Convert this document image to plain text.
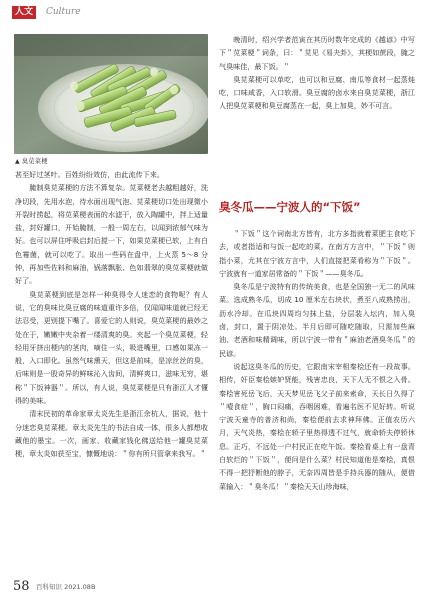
人文	Culture
▲ 臭苋菜梗

甚至好过茎叶。百姓纷纷效仿，由此流传下来。

腌制臭苋菜梗的方法不算复杂。苋菜梗老去越粗越好，洗净切段，先用水泡，待水面出现气泡、苋菜梗切口处出现微小开裂时捞起，将苋菜梗表面的水滤干，放入陶罐中，拌上适量盐，封好罐口，开始腌制，一般一周左右，以闻到浓郁气味为好。也可以屏住呼吸启封后搅一下，如果苋菜梗已软，上有白色霉菌，就可以吃了。取出一些码在盘中，上火蒸 5～8 分钟，再加些佐料和麻油，锅落飘胀、色如翡翠的臭苋菜梗就做好了。

臭苋菜梗到底是怎样一种臭得令人迷恋的食物呢？有人说，它的臭味比臭豆腐的味道重许多倍，仅闻闻味道就已经无法忍受，更别提下嘴了。喜爱它的人则说，臭苋菜梗的最妙之处在于，嫩嫩中夹杂着一缕清爽的臭。夹起一个臭苋菜梗，轻轻用牙挤出梗内的茎肉，嘀住一头，吸进嘴里，口感如果冻一般，入口即化。虽然气味熏天，但这是前味，是凉丝丝的臭，后味则是一股奇异的鲜味沁入齿间，清鲜爽口，滋味无穷，堪称＂下饭神器＂。所以，有人说，臭苋菜梗是只有浙江人才懂得的美味。

清末民初的革命家章太炎先生是浙江余杭人，据说，他十分迷恋臭苋菜梗。章太炎先生的书法自成一体，很多人都想收藏他的墨宝。一次，画家、收藏家钱化佛送给他一罐臭苋菜梗，章太炎如获至宝，慷慨地说：＂你有所只管拿来我写。＂

晚清时，绍兴学者范寅在其历时数年完成的《越谚》中写下＂苋菜梗＂词条，曰：＂苋见《易夬卦》，其梗如蔗段，腌之气臭味佳，最下饭。＂

臭苋菜梗可以单吃，也可以和豆腐、南瓜等食材一起蒸炖吃，口味咸香，入口软滑。臭豆腐的卤水来自臭苋菜梗，浙江人把臭苋菜梗和臭豆腐蒸在一起，臭上加臭，妙不可言。

臭冬瓜——宁波人的“下饭”

＂下饭＂这个词南北方皆有，北方多指就着菜肥主食吃下去，或者指适和与饭一起吃的菜。在南方方言中，＂下饭＂则指小菜，尤其在宁波方言中，人们直接把菜肴称为＂下饭＂。宁波就有一道家居常备的＂下饭＂——臭冬瓜。

臭冬瓜是宁波特有的传统美食，也是全国独一无二的风味菜。选成熟冬瓜，切成 10 厘米左右块状，煮至八成熟捞出，沥水冷却。在瓜块四周均匀抹上盐，分层装入坛内，加入臭卤，封口，置于阴凉处。半月后即可随吃随取，只需加些麻油、老酒和味精调味，所以宁波一带有＂麻油老酒臭冬瓜＂的民谚。

说起这臭冬瓜的历史，它跟南宋宰相秦桧还有一段故事。相传，奸臣秦桧嫉妒贤能，残害忠良，天下人无不恨之入骨。秦桧害死岳飞后，天天梦见岳飞父子前来索命，天长日久得了＂噎食症＂，胸口闷痛，吞咽困难，看遍名医不见好转。听说宁波天童寺的普济和尚，秦桧便前去求神拜佛。正值农历六月，天气炎热，秦桧在轿子里热得透不过气，就命轿夫停轿休息。正巧，不远处一户村民正在吃午饭。秦桧看桌上有一盘青白软烂的＂下饭＂，便问是什么菜？村民知道他是秦桧，真恨不得一把抒断他的脖子，无奈四周皆是手持兵器的随从，便借菜输入：＂臭冬瓜！＂秦桧天天山珍海味，

58 百科知识 2021.08B
